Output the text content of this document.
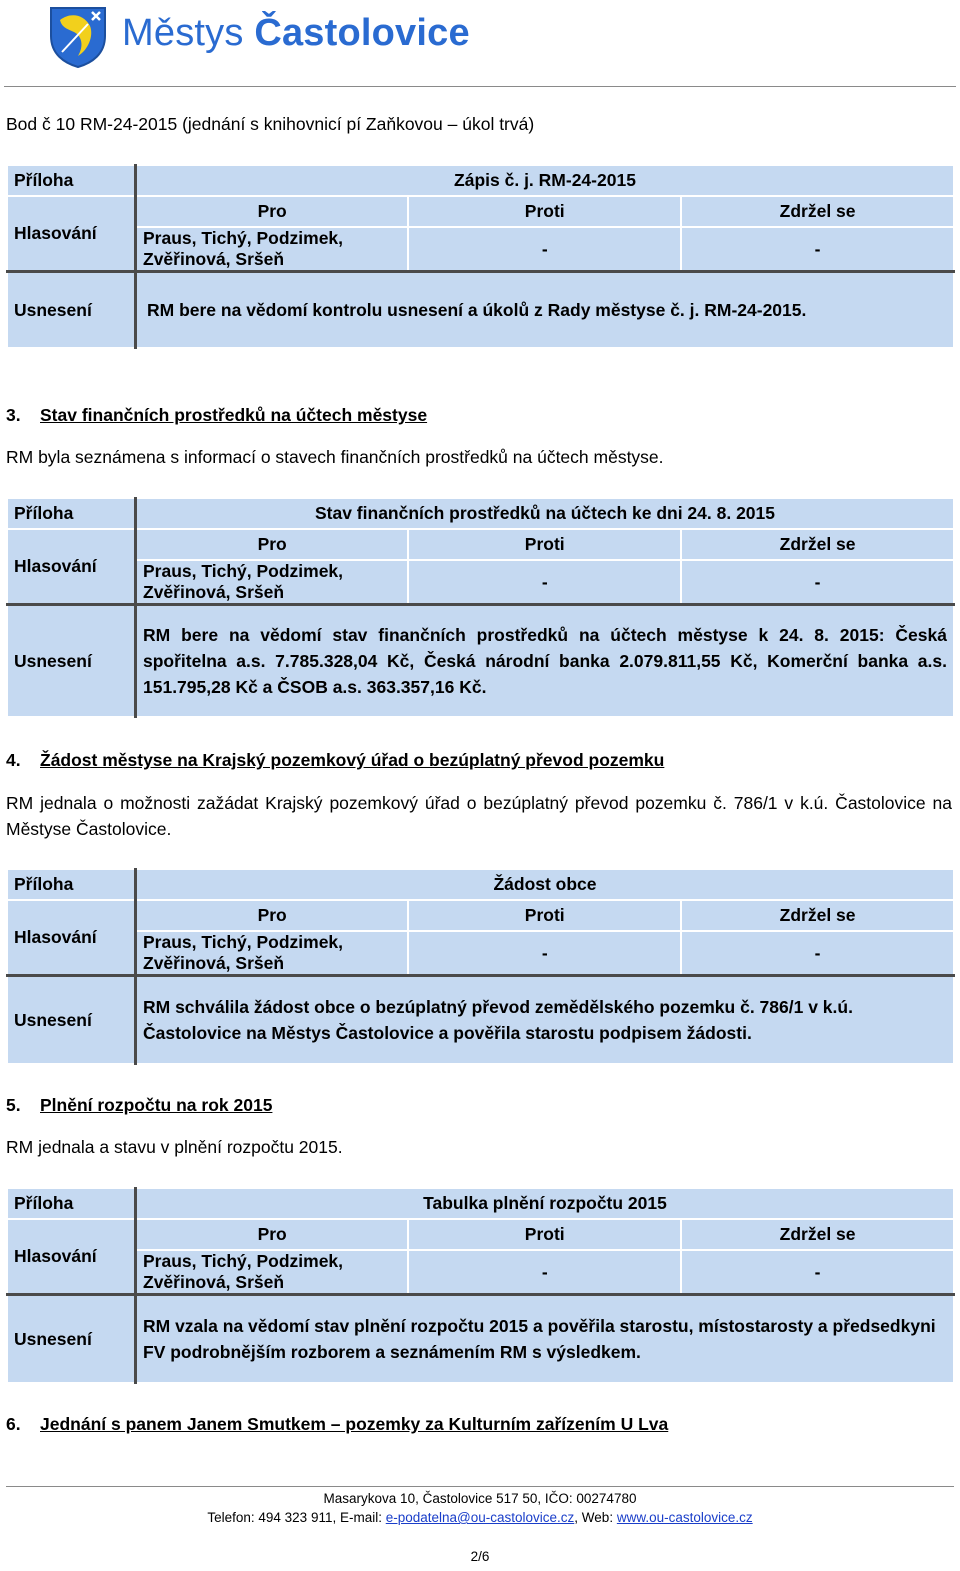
Městys Častolovice
Bod č 10 RM-24-2015 (jednání s knihovnicí pí Zaňkovou – úkol trvá)
Příloha	Zápis č. j. RM-24-2015		
Hlasování	Pro	Proti	Zdržel se
	Praus, Tichý, Podzimek, Zvěřinová, Sršeň	-	-
Usnesení	RM bere na vědomí kontrolu usnesení a úkolů z Rady městyse č. j. RM-24-2015.		
3. Stav finančních prostředků na účtech městyse
RM byla seznámena s informací o stavech finančních prostředků na účtech městyse.
Příloha	Stav finančních prostředků na účtech ke dni 24. 8. 2015		
Hlasování	Pro	Proti	Zdržel se
	Praus, Tichý, Podzimek, Zvěřinová, Sršeň	-	-
Usnesení	RM bere na vědomí stav finančních prostředků na účtech městyse k 24. 8. 2015: Česká spořitelna a.s. 7.785.328,04 Kč, Česká národní banka 2.079.811,55 Kč, Komerční banka a.s. 151.795,28 Kč a ČSOB a.s. 363.357,16 Kč.		
4. Žádost městyse na Krajský pozemkový úřad o bezúplatný převod pozemku
RM jednala o možnosti zažádat Krajský pozemkový úřad o bezúplatný převod pozemku č. 786/1 v k.ú. Častolovice na Městyse Častolovice.
Příloha	Žádost obce		
Hlasování	Pro	Proti	Zdržel se
	Praus, Tichý, Podzimek, Zvěřinová, Sršeň	-	-
Usnesení	RM schválila žádost obce o bezúplatný převod zemědělského pozemku č. 786/1 v k.ú. Častolovice na Městys Častolovice a pověřila starostu podpisem žádosti.		
5. Plnění rozpočtu na rok 2015
RM jednala a stavu v plnění rozpočtu 2015.
Příloha	Tabulka plnění rozpočtu 2015		
Hlasování	Pro	Proti	Zdržel se
	Praus, Tichý, Podzimek, Zvěřinová, Sršeň	-	-
Usnesení	RM vzala na vědomí stav plnění rozpočtu 2015 a pověřila starostu, místostarosty a předsedkyni FV podrobnějším rozborem a seznámením RM s výsledkem.		
6. Jednání s panem Janem Smutkem – pozemky za Kulturním zařízením U Lva
Masarykova 10, Častolovice 517 50, IČO: 00274780
Telefon: 494 323 911, E-mail: e-podatelna@ou-castolovice.cz, Web: www.ou-castolovice.cz
2/6
